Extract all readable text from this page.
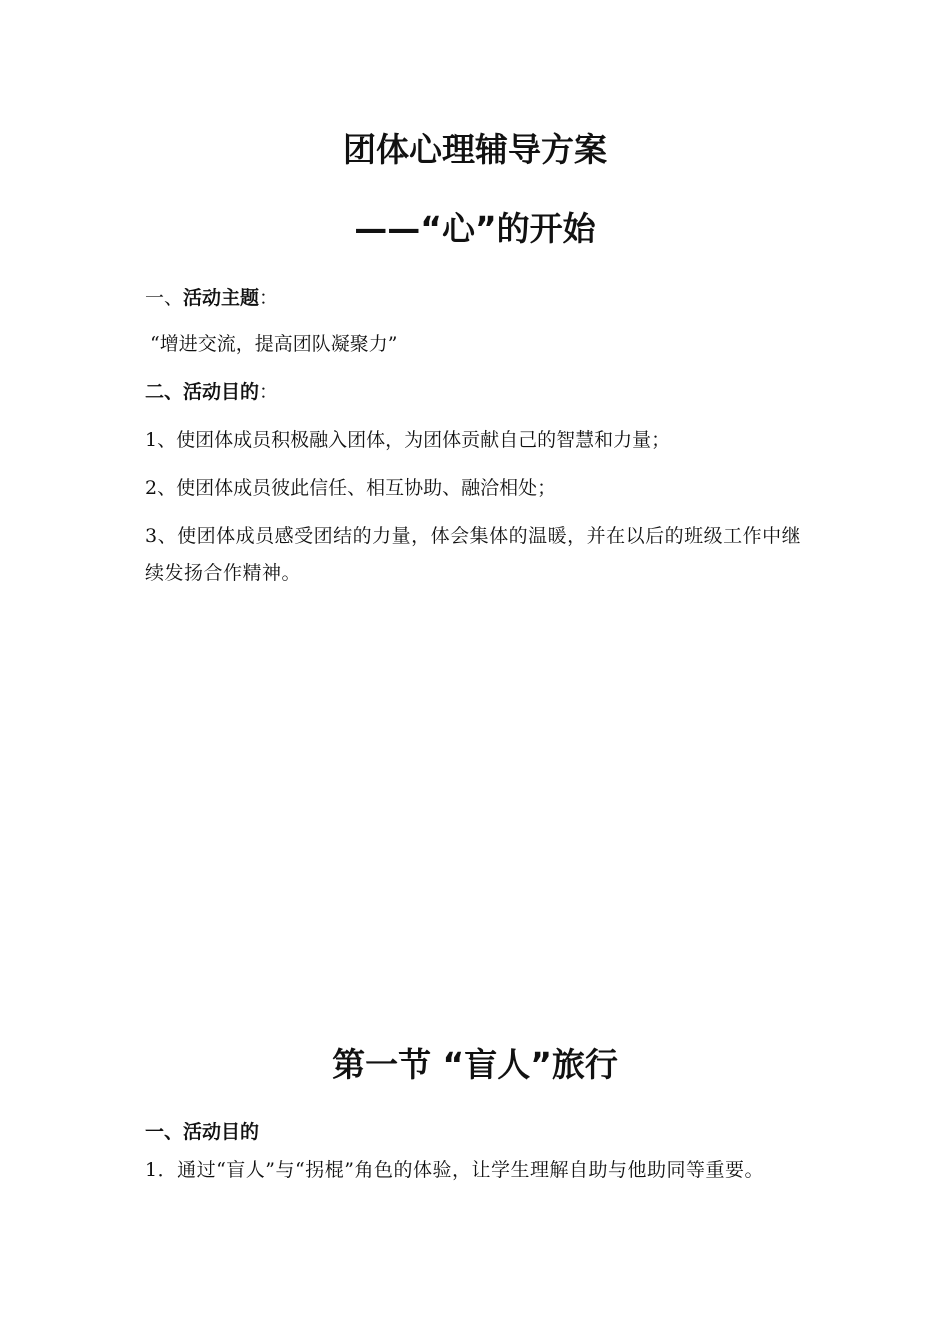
团体心理辅导方案
——“心”的开始
一、活动主题：
“增进交流，提高团队凝聚力”
二、活动目的：
1、使团体成员积极融入团体，为团体贡献自己的智慧和力量；
2、使团体成员彼此信任、相互协助、融洽相处；
3、使团体成员感受团结的力量，体会集体的温暖，并在以后的班级工作中继续发扬合作精神。
第一节 “盲人”旅行
一、活动目的
1．通过“盲人”与“拐棍”角色的体验，让学生理解自助与他助同等重要。
